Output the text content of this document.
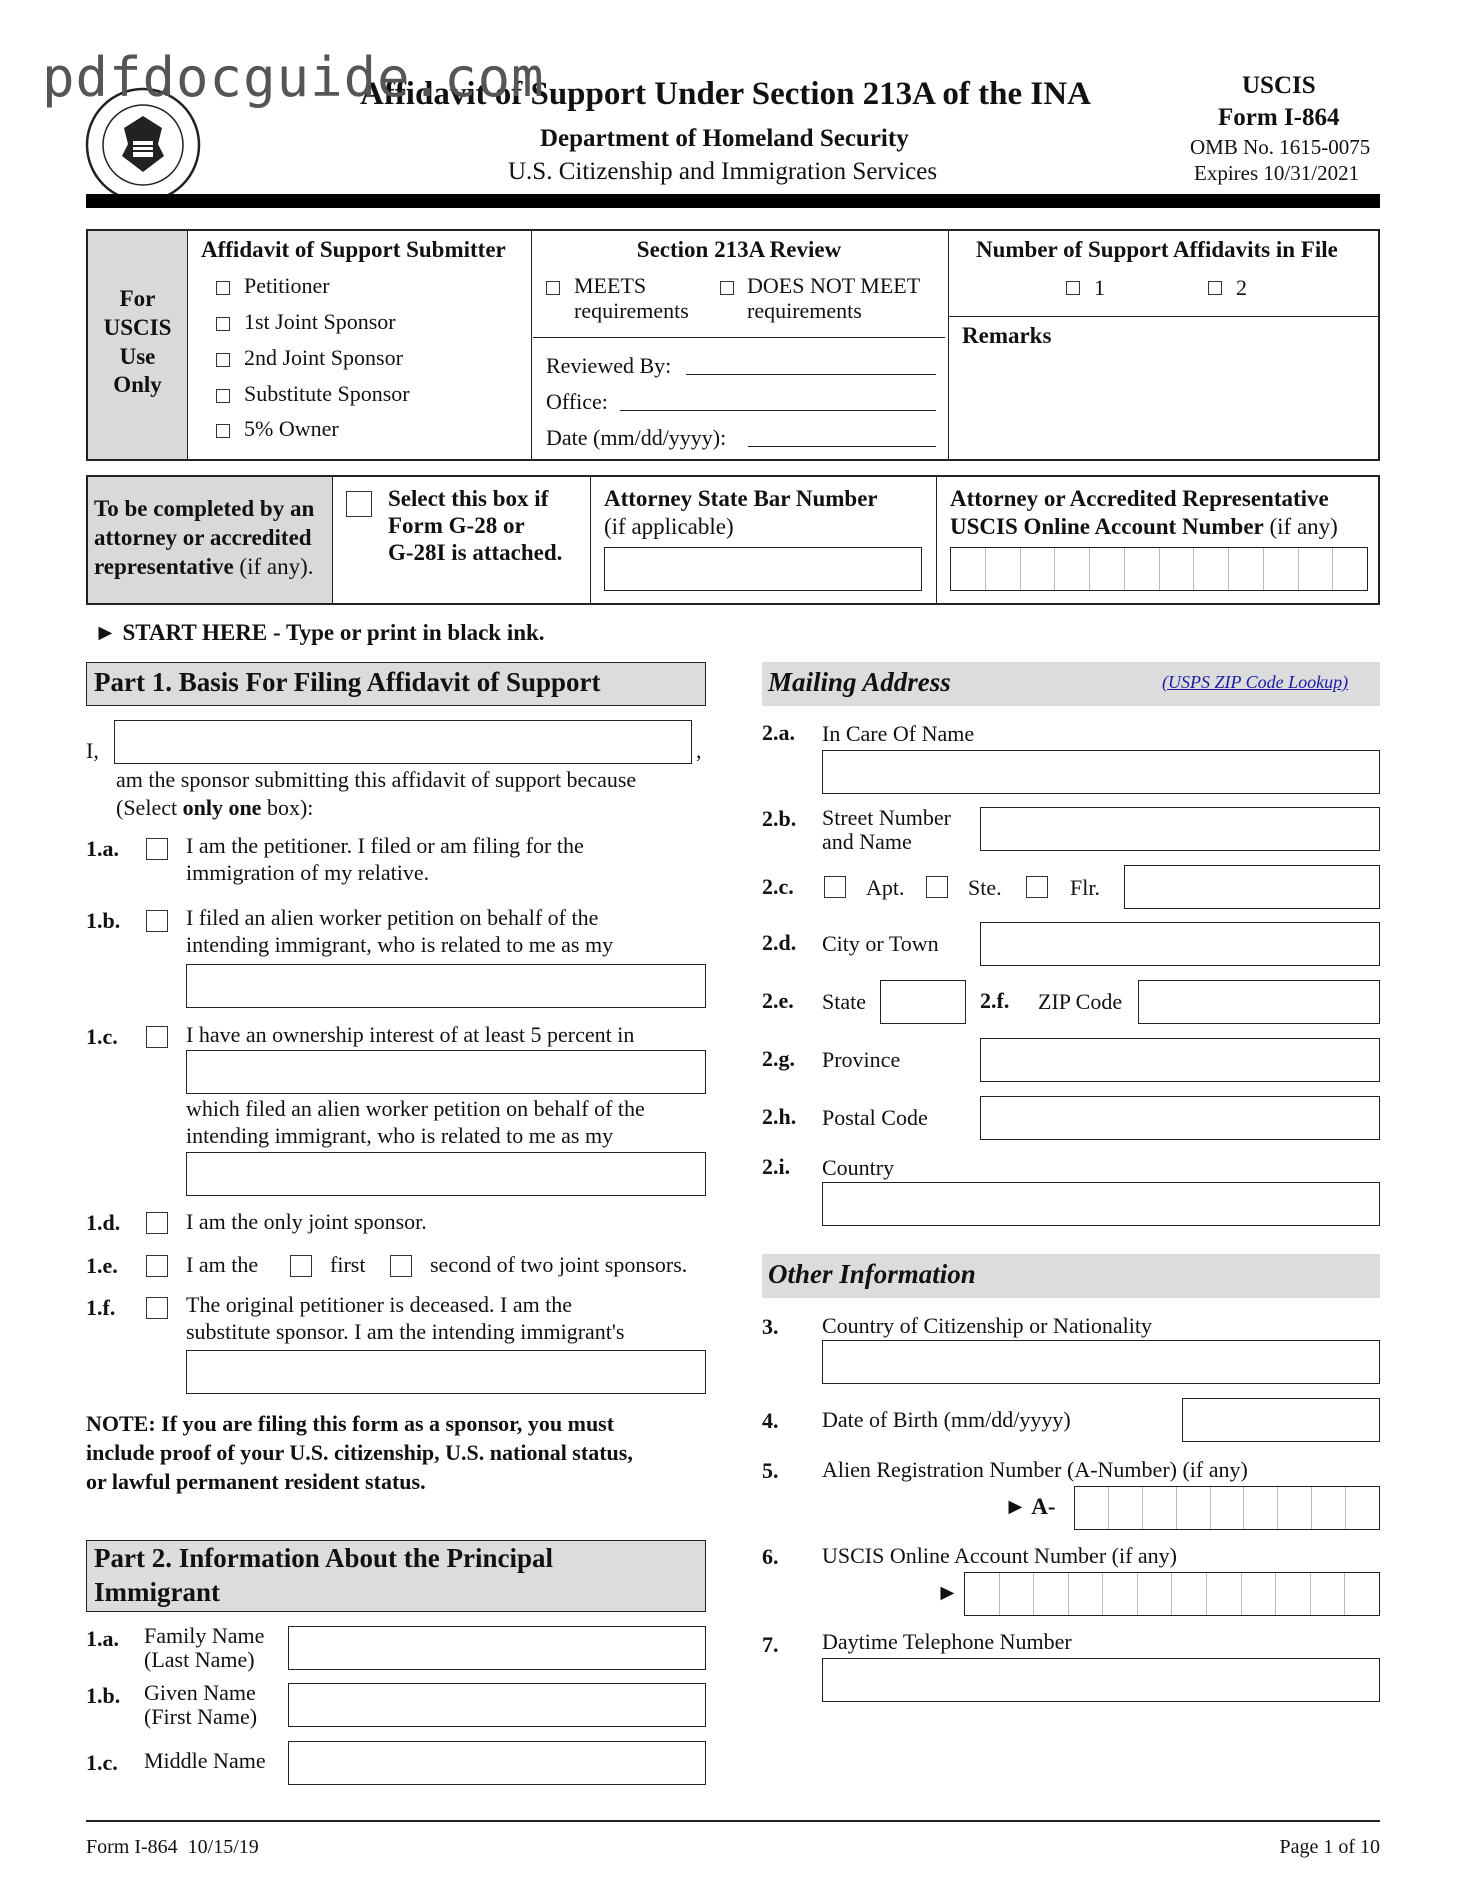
pdfdocguide.com
Affidavit of Support Under Section 213A of the INA
Department of Homeland Security
U.S. Citizenship and Immigration Services
USCIS
Form I-864
OMB No. 1615-0075
Expires 10/31/2021
For
USCIS
Use
Only
Affidavit of Support Submitter
Petitioner
1st Joint Sponsor
2nd Joint Sponsor
Substitute Sponsor
5% Owner
Section 213A Review
MEETS
requirements
DOES NOT MEET
requirements
Reviewed By:
Office:
Date (mm/dd/yyyy):
Number of Support Affidavits in File
1	2
Remarks
To be completed by an
attorney or accredited
representative (if any).
Select this box if
Form G-28 or
G-28I is attached.
Attorney State Bar Number
(if applicable)
Attorney or Accredited Representative
USCIS Online Account Number (if any)
► START HERE - Type or print in black ink.
Part 1. Basis For Filing Affidavit of Support
I,	,
am the sponsor submitting this affidavit of support because
(Select only one box):
1.a.	I am the petitioner. I filed or am filing for the
immigration of my relative.
1.b.	I filed an alien worker petition on behalf of the
intending immigrant, who is related to me as my
1.c.	I have an ownership interest of at least 5 percent in
which filed an alien worker petition on behalf of the
intending immigrant, who is related to me as my
1.d.	I am the only joint sponsor.
1.e.	I am the	first	second of two joint sponsors.
1.f.	The original petitioner is deceased. I am the
substitute sponsor. I am the intending immigrant's
NOTE: If you are filing this form as a sponsor, you must
include proof of your U.S. citizenship, U.S. national status,
or lawful permanent resident status.
Part 2. Information About the Principal
Immigrant
1.a. Family Name
(Last Name)
1.b. Given Name
(First Name)
1.c. Middle Name
Mailing Address	(USPS ZIP Code Lookup)
2.a. In Care Of Name
2.b. Street Number
and Name
2.c.	Apt.	Ste.	Flr.
2.d. City or Town
2.e. State	2.f. ZIP Code
2.g. Province
2.h. Postal Code
2.i. Country
Other Information
3. Country of Citizenship or Nationality
4. Date of Birth (mm/dd/yyyy)
5. Alien Registration Number (A-Number) (if any)
► A-
6. USCIS Online Account Number (if any)
►
7. Daytime Telephone Number
Form I-864  10/15/19	Page 1 of 10
